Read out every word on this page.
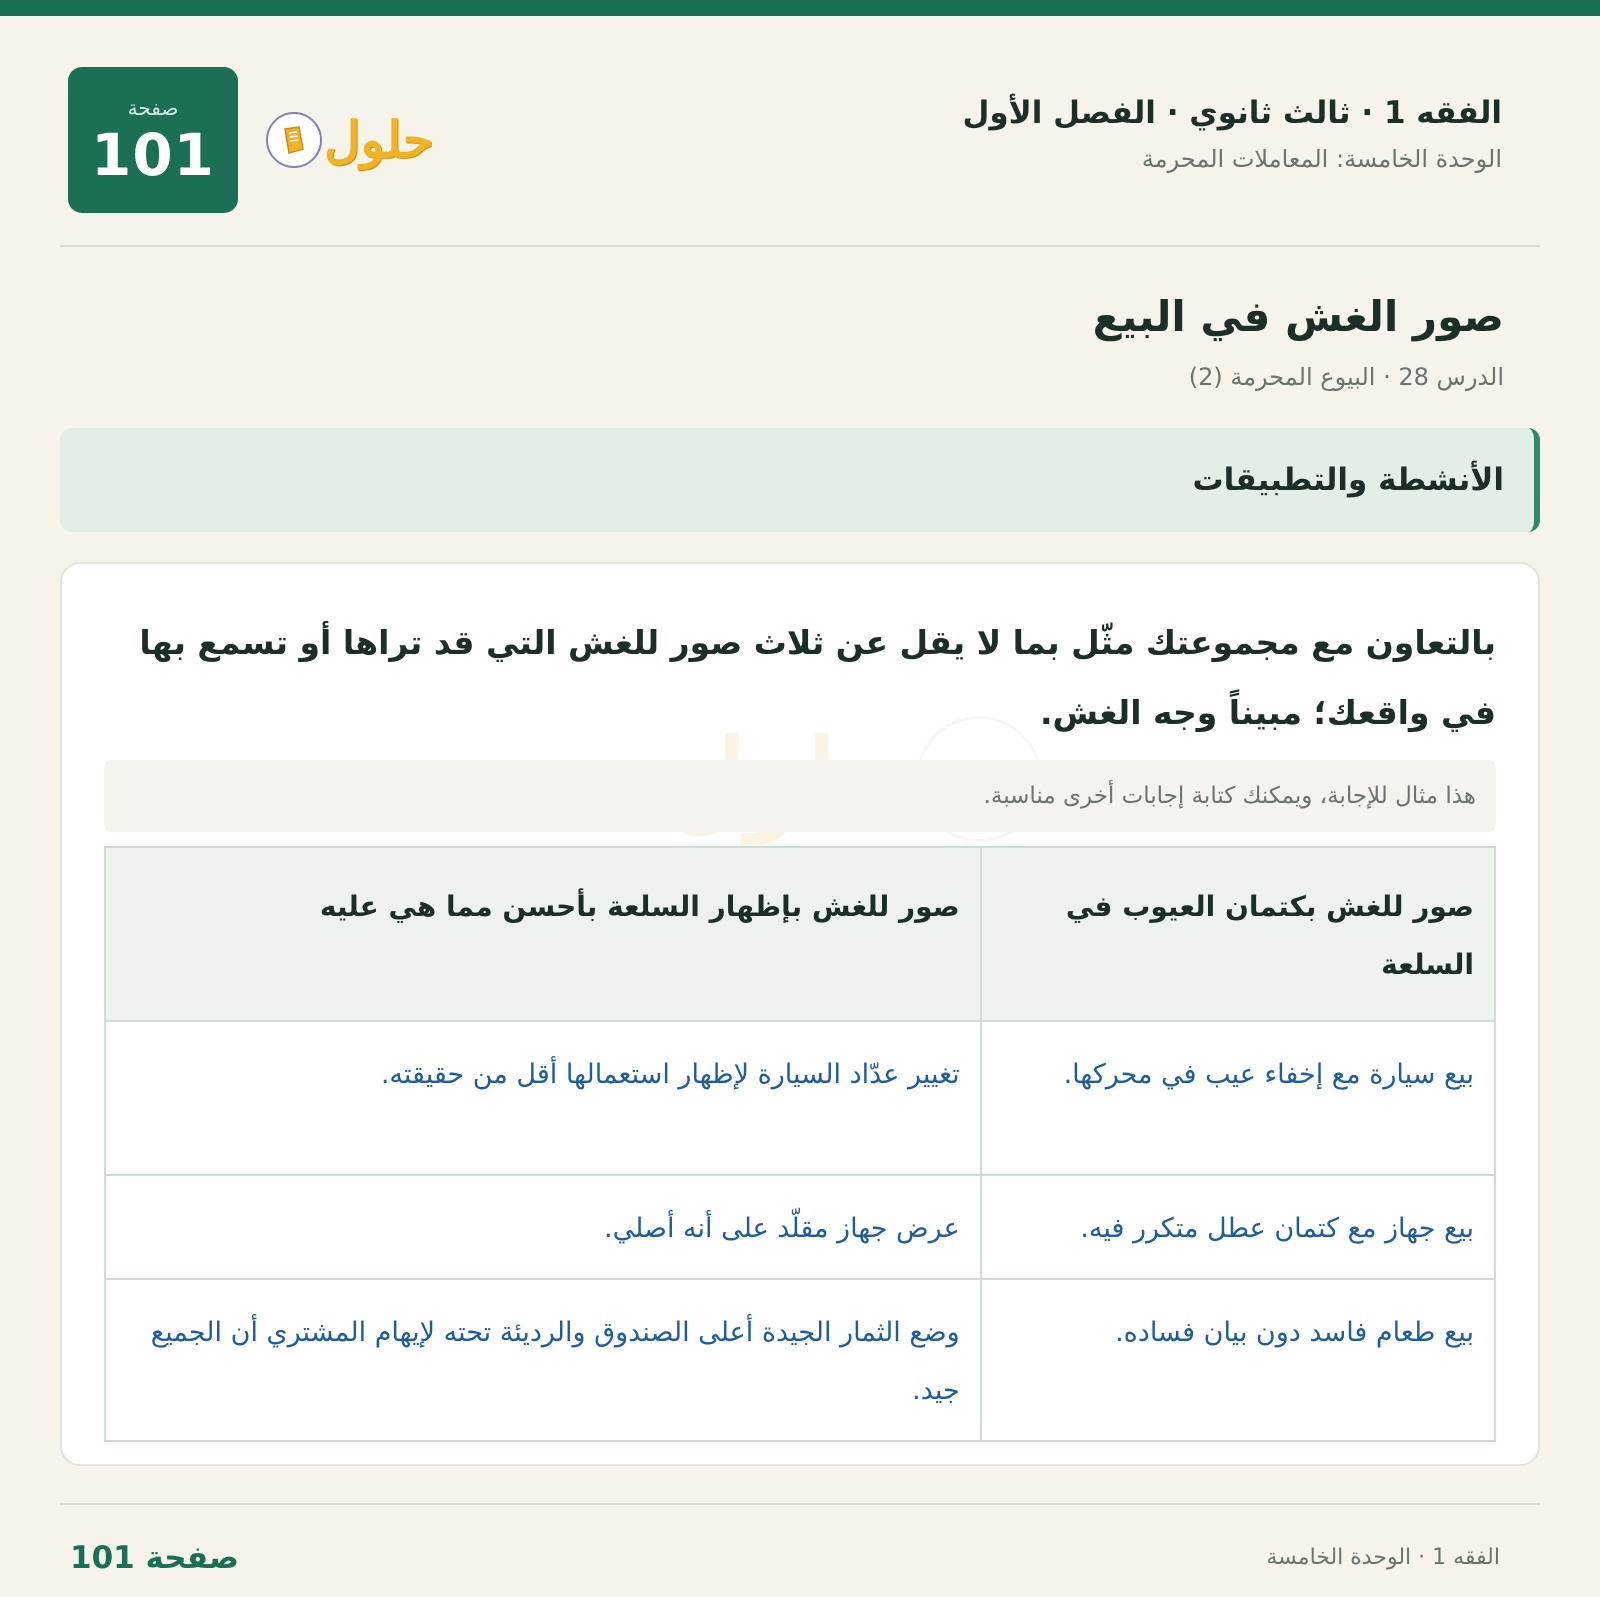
الفقه 1 · ثالث ثانوي · الفصل الأول
الوحدة الخامسة: المعاملات المحرمة
حلول
صفحة
101
صور الغش في البيع
الدرس 28 · البيوع المحرمة (2)
الأنشطة والتطبيقات
بالتعاون مع مجموعتك مثّل بما لا يقل عن ثلاث صور للغش التي قد تراها أو تسمع بها في واقعك؛ مبيناً وجه الغش.
هذا مثال للإجابة، ويمكنك كتابة إجابات أخرى مناسبة.
صور للغش بكتمان العيوب في السلعة	صور للغش بإظهار السلعة بأحسن مما هي عليه
بيع سيارة مع إخفاء عيب في محركها.	تغيير عدّاد السيارة لإظهار استعمالها أقل من حقيقته.
بيع جهاز مع كتمان عطل متكرر فيه.	عرض جهاز مقلّد على أنه أصلي.
بيع طعام فاسد دون بيان فساده.	وضع الثمار الجيدة أعلى الصندوق والرديئة تحته لإيهام المشتري أن الجميع جيد.
الفقه 1 · الوحدة الخامسة
صفحة 101
